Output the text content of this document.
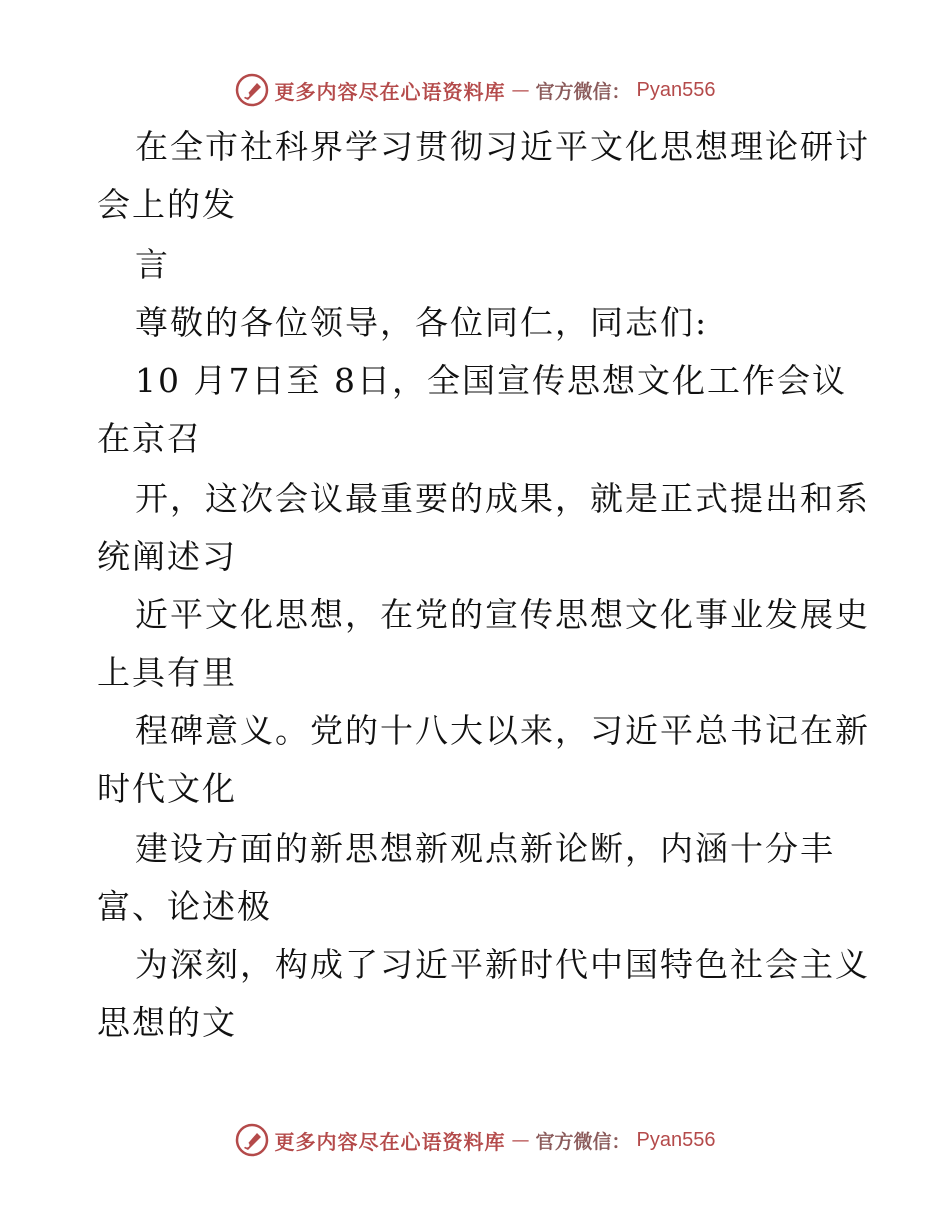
更多内容尽在心语资料库 — 官方微信： Pyan556
在全市社科界学习贯彻习近平文化思想理论研讨
会上的发
言
尊敬的各位领导，各位同仁，同志们:
10 月7日至 8日，全国宣传思想文化工作会议
在京召
开，这次会议最重要的成果，就是正式提出和系
统阐述习
近平文化思想，在党的宣传思想文化事业发展史
上具有里
程碑意义。党的十八大以来，习近平总书记在新
时代文化
建设方面的新思想新观点新论断，内涵十分丰
富、论述极
为深刻，构成了习近平新时代中国特色社会主义
思想的文
更多内容尽在心语资料库 — 官方微信： Pyan556
